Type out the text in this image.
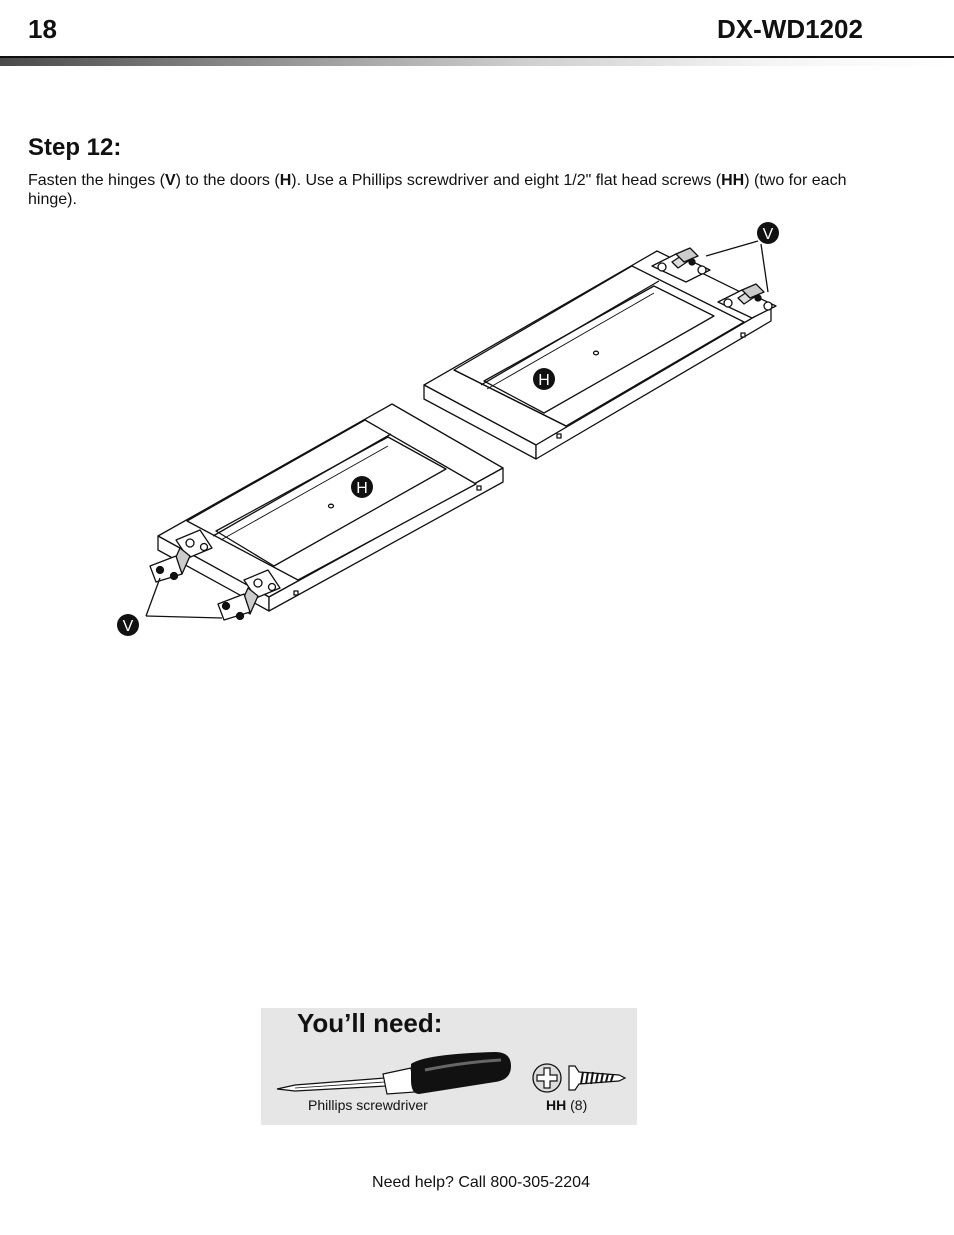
18	DX-WD1202
Step 12:
Fasten the hinges (V) to the doors (H). Use a Phillips screwdriver and eight 1/2" flat head screws (HH) (two for each hinge).
V
H
H
V
You’ll need:
Phillips screwdriver	HH (8)
Need help? Call 800-305-2204
